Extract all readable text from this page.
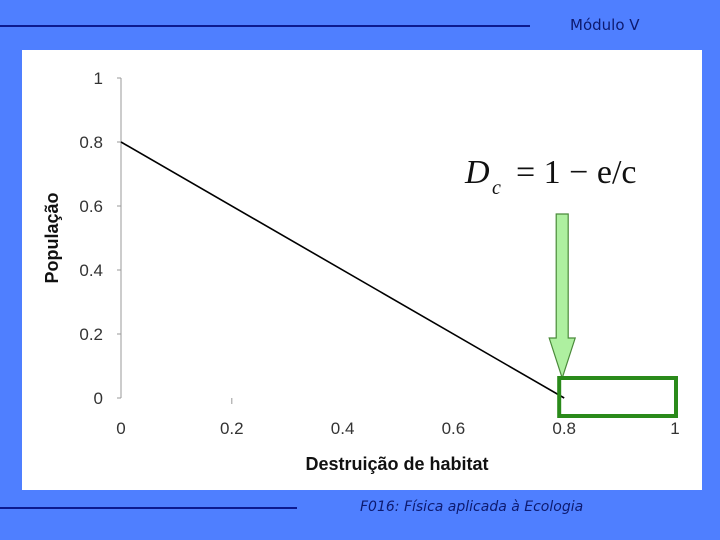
Módulo V
0
0.2
0.4
0.6
0.8
1
0	0.2	0.4	0.6	0.8	1
Destruição de habitat
População
D c = 1 − e/c
F016: Física aplicada à Ecologia
